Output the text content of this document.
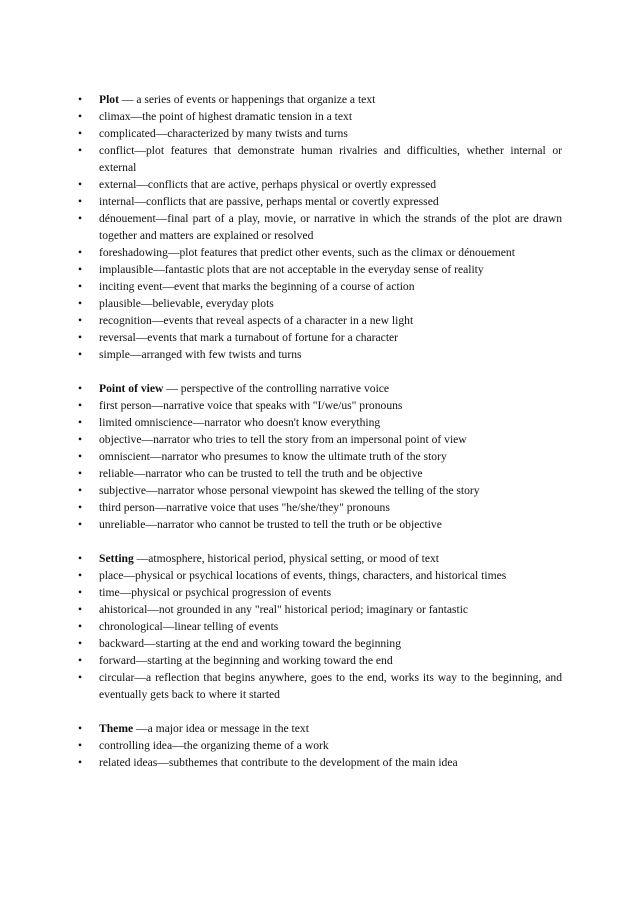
•	Plot — a series of events or happenings that organize a text
•	climax—the point of highest dramatic tension in a text
•	complicated—characterized by many twists and turns
•	conflict—plot features that demonstrate human rivalries and difficulties, whether internal or external
•	external—conflicts that are active, perhaps physical or overtly expressed
•	internal—conflicts that are passive, perhaps mental or covertly expressed
•	dénouement—final part of a play, movie, or narrative in which the strands of the plot are drawn together and matters are explained or resolved
•	foreshadowing—plot features that predict other events, such as the climax or dénouement
•	implausible—fantastic plots that are not acceptable in the everyday sense of reality
•	inciting event—event that marks the beginning of a course of action
•	plausible—believable, everyday plots
•	recognition—events that reveal aspects of a character in a new light
•	reversal—events that mark a turnabout of fortune for a character
•	simple—arranged with few twists and turns
•	Point of view — perspective of the controlling narrative voice
•	first person—narrative voice that speaks with "I/we/us" pronouns
•	limited omniscience—narrator who doesn't know everything
•	objective—narrator who tries to tell the story from an impersonal point of view
•	omniscient—narrator who presumes to know the ultimate truth of the story
•	reliable—narrator who can be trusted to tell the truth and be objective
•	subjective—narrator whose personal viewpoint has skewed the telling of the story
•	third person—narrative voice that uses "he/she/they" pronouns
•	unreliable—narrator who cannot be trusted to tell the truth or be objective
•	Setting —atmosphere, historical period, physical setting, or mood of text
•	place—physical or psychical locations of events, things, characters, and historical times
•	time—physical or psychical progression of events
•	ahistorical—not grounded in any "real" historical period; imaginary or fantastic
•	chronological—linear telling of events
•	backward—starting at the end and working toward the beginning
•	forward—starting at the beginning and working toward the end
•	circular—a reflection that begins anywhere, goes to the end, works its way to the beginning, and eventually gets back to where it started
•	Theme —a major idea or message in the text
•	controlling idea—the organizing theme of a work
•	related ideas—subthemes that contribute to the development of the main idea
